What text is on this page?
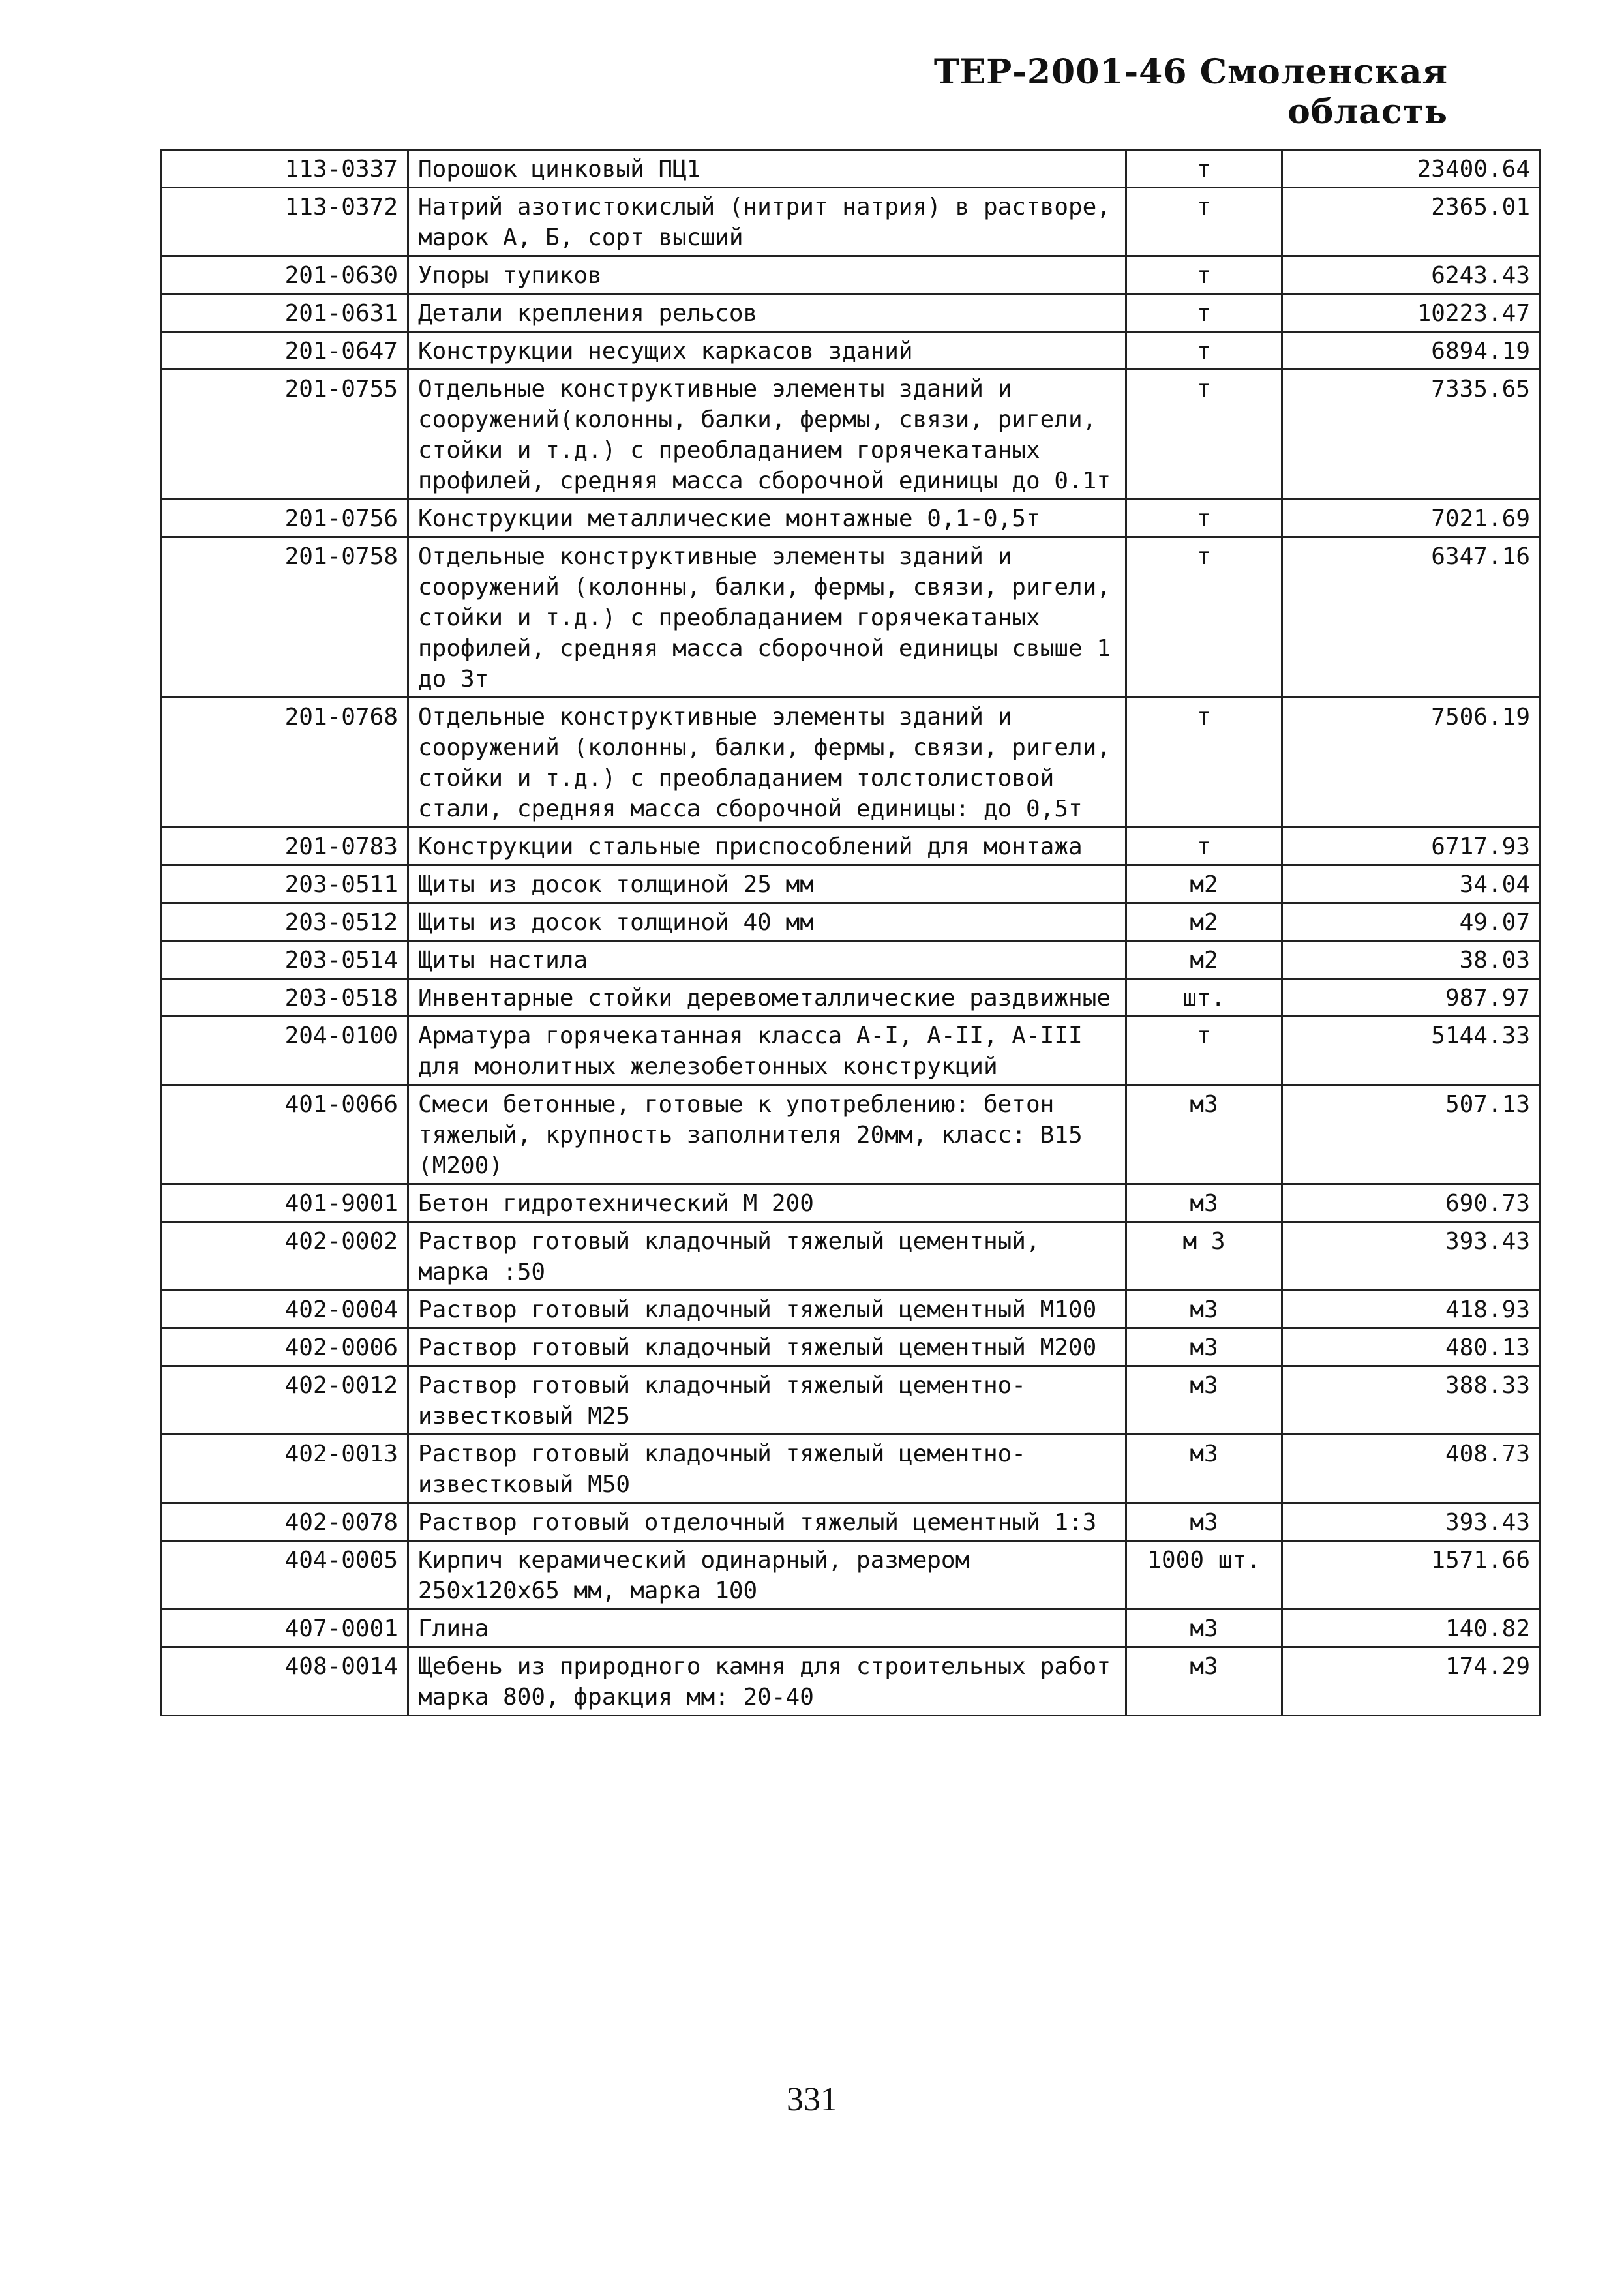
ТЕР-2001-46 Смоленская область
113-0337	Порошок цинковый ПЦ1	т	23400.64
113-0372	Натрий азотистокислый (нитрит натрия) в растворе, марок А, Б, сорт высший	т	2365.01
201-0630	Упоры тупиков	т	6243.43
201-0631	Детали крепления рельсов	т	10223.47
201-0647	Конструкции несущих каркасов зданий	т	6894.19
201-0755	Отдельные конструктивные элементы зданий и сооружений(колонны, балки, фермы, связи, ригели, стойки и т.д.) с преобладанием горячекатаных профилей, средняя масса сборочной единицы до 0.1т	т	7335.65
201-0756	Конструкции металлические монтажные 0,1-0,5т	т	7021.69
201-0758	Отдельные конструктивные элементы зданий и сооружений (колонны, балки, фермы, связи, ригели, стойки и т.д.) с преобладанием горячекатаных профилей, средняя масса сборочной единицы свыше 1 до 3т	т	6347.16
201-0768	Отдельные конструктивные элементы зданий и сооружений (колонны, балки, фермы, связи, ригели, стойки и т.д.) с преобладанием толстолистовой стали, средняя масса сборочной единицы: до 0,5т	т	7506.19
201-0783	Конструкции стальные приспособлений для монтажа	т	6717.93
203-0511	Щиты из досок толщиной 25 мм	м2	34.04
203-0512	Щиты из досок толщиной 40 мм	м2	49.07
203-0514	Щиты настила	м2	38.03
203-0518	Инвентарные стойки деревометаллические раздвижные	шт.	987.97
204-0100	Арматура горячекатанная класса А-I, А-II, А-III для монолитных железобетонных конструкций	т	5144.33
401-0066	Смеси бетонные, готовые к употреблению: бетон тяжелый, крупность заполнителя 20мм, класс: В15 (М200)	м3	507.13
401-9001	Бетон гидротехнический М 200	м3	690.73
402-0002	Раствор готовый кладочный тяжелый цементный, марка :50	м 3	393.43
402-0004	Раствор готовый кладочный тяжелый цементный М100	м3	418.93
402-0006	Раствор готовый кладочный тяжелый цементный М200	м3	480.13
402-0012	Раствор готовый кладочный тяжелый цементно-известковый М25	м3	388.33
402-0013	Раствор готовый кладочный тяжелый цементно-известковый М50	м3	408.73
402-0078	Раствор готовый отделочный тяжелый цементный 1:3	м3	393.43
404-0005	Кирпич керамический одинарный, размером 250х120х65 мм, марка 100	1000 шт.	1571.66
407-0001	Глина	м3	140.82
408-0014	Щебень из природного камня для строительных работ марка 800, фракция мм: 20-40	м3	174.29
331
